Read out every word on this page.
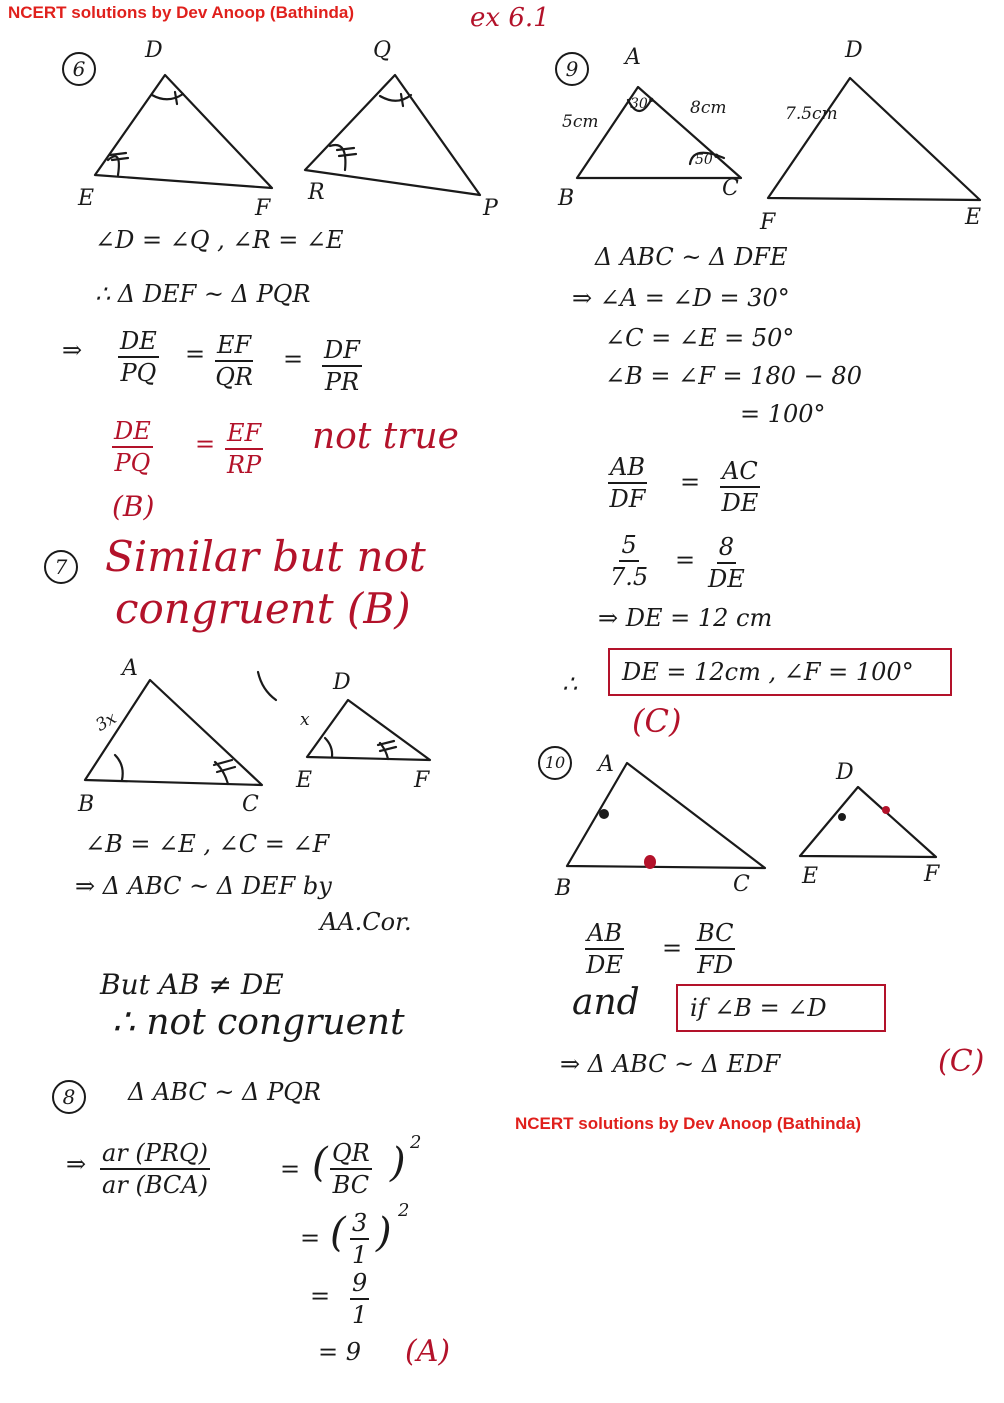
NCERT solutions by Dev Anoop (Bathinda)	ex 6.1
NCERT solutions by Dev Anoop (Bathinda)
6
D
E	F
Q
R
P
∠D = ∠Q , ∠R = ∠E
∴ Δ DEF ~ Δ PQR
⇒ $\frac{DE}{PQ} = \frac{EF}{QR} = \frac{DF}{PR}$
$\frac{DE}{PQ} = \frac{EF}{RP}$ not true
(B)
7 Similar but not
congruent (B)
A
B	C
3x
D
E	F
x
∠B = ∠E , ∠C = ∠F
⇒ Δ ABC ~ Δ DEF by
AA.Cor.
But AB ≠ DE
∴ not congruent
8	Δ ABC ~ Δ PQR
⇒ ar (PRQ)
ar (BCA)
= ( $\frac{QR}{BC}$ ) 2
= ( $\frac{3}{1}$ ) 2
= $\frac{9}{1}$
= 9 (A)
9	A
B	C
5cm
8cm
30°
50°
D
F	E
7.5cm
Δ ABC ~ Δ DFE
⇒ ∠A = ∠D = 30°
∠C = ∠E = 50°
∠B = ∠F = 180 − 80
= 100°
$\frac{AB}{DF} = \frac{AC}{DE}$
$\frac{5}{7.5} = \frac{8}{DE}$
⇒ DE = 12 cm
∴ DE = 12cm , ∠F = 100°
(C)
10	A
B	C
D
E	F
$\frac{AB}{DE} = \frac{BC}{FD}$
and if ∠B = ∠D
⇒ Δ ABC ~ Δ EDF	(C)
